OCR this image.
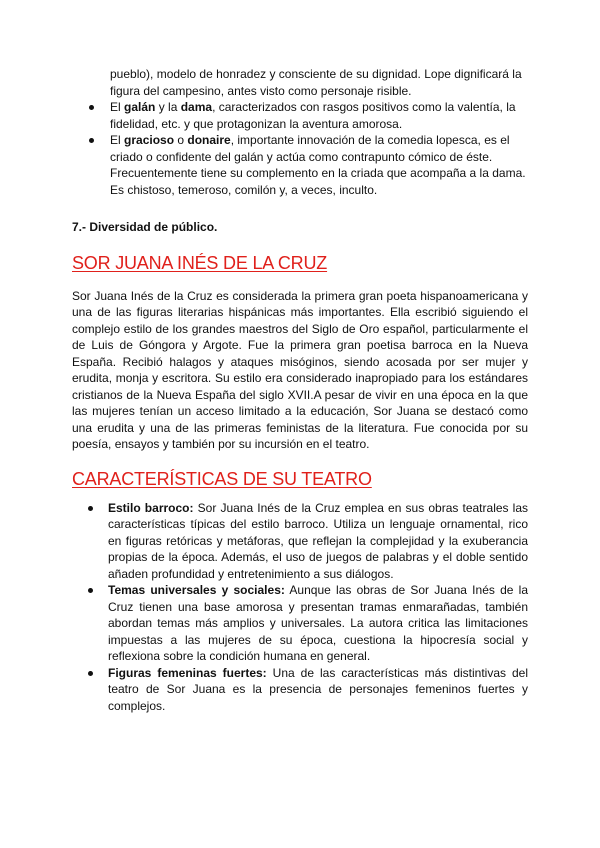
pueblo), modelo de honradez y consciente de su dignidad. Lope dignificará la

figura del campesino, antes visto como personaje risible.

El galán y la dama, caracterizados con rasgos positivos como la valentía, la fidelidad, etc. y que protagonizan la aventura amorosa.
El gracioso o donaire, importante innovación de la comedia lopesca, es el criado o confidente del galán y actúa como contrapunto cómico de éste. Frecuentemente tiene su complemento en la criada que acompaña a la dama. Es chistoso, temeroso, comilón y, a veces, inculto.
7.- Diversidad de público.
SOR JUANA INÉS DE LA CRUZ

Sor Juana Inés de la Cruz es considerada la primera gran poeta hispanoamericana y una de las figuras literarias hispánicas más importantes. Ella escribió siguiendo el complejo estilo de los grandes maestros del Siglo de Oro español, particularmente el de Luis de Góngora y Argote. Fue la primera gran poetisa barroca en la Nueva España. Recibió halagos y ataques misóginos, siendo acosada por ser mujer y erudita, monja y escritora. Su estilo era considerado inapropiado para los estándares cristianos de la Nueva España del siglo XVII.A pesar de vivir en una época en la que las mujeres tenían un acceso limitado a la educación, Sor Juana se destacó como una erudita y una de las primeras feministas de la literatura. Fue conocida por su poesía, ensayos y también por su incursión en el teatro.

CARACTERÍSTICAS DE SU TEATRO
Estilo barroco: Sor Juana Inés de la Cruz emplea en sus obras teatrales las características típicas del estilo barroco. Utiliza un lenguaje ornamental, rico en figuras retóricas y metáforas, que reflejan la complejidad y la exuberancia propias de la época. Además, el uso de juegos de palabras y el doble sentido añaden profundidad y entretenimiento a sus diálogos.
Temas universales y sociales: Aunque las obras de Sor Juana Inés de la Cruz tienen una base amorosa y presentan tramas enmarañadas, también abordan temas más amplios y universales. La autora critica las limitaciones impuestas a las mujeres de su época, cuestiona la hipocresía social y reflexiona sobre la condición humana en general.
Figuras femeninas fuertes: Una de las características más distintivas del teatro de Sor Juana es la presencia de personajes femeninos fuertes y complejos.
